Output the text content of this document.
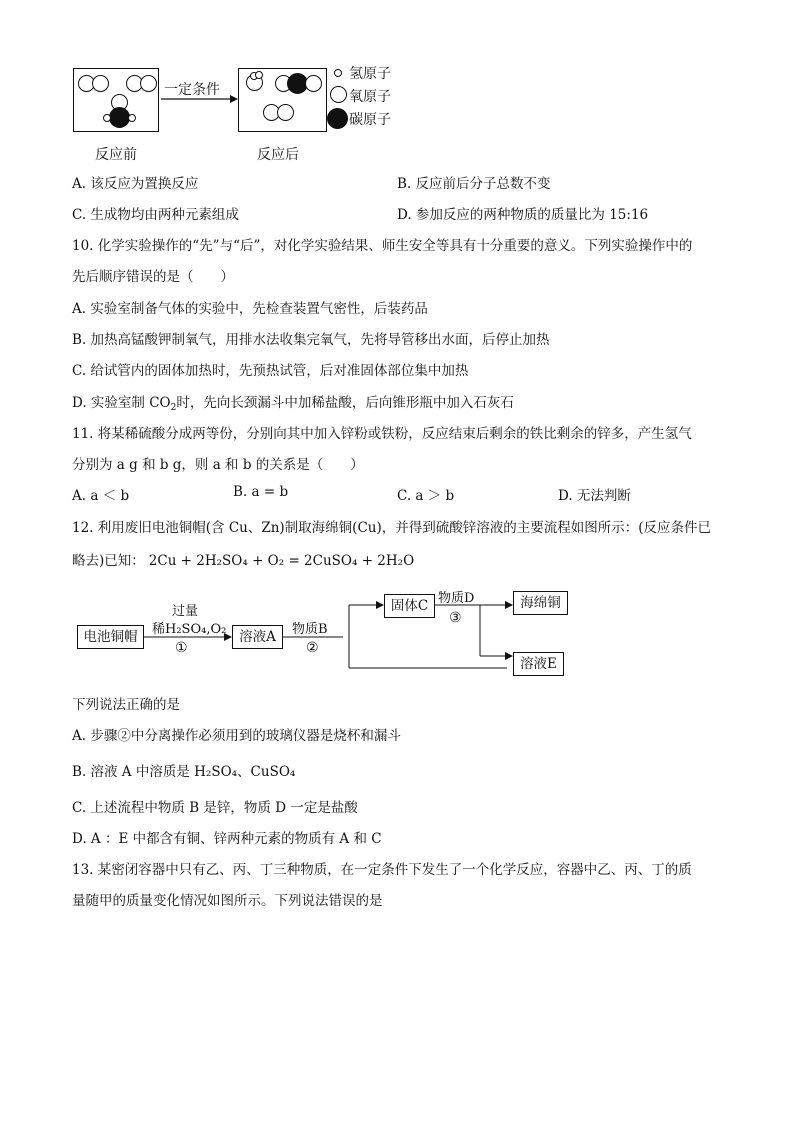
一定条件
氢原子
氧原子
碳原子
反应前	反应后
A. 该反应为置换反应	B. 反应前后分子总数不变
C. 生成物均由两种元素组成	D. 参加反应的两种物质的质量比为 15:16
10. 化学实验操作的“先”与“后”，对化学实验结果、师生安全等具有十分重要的意义。下列实验操作中的
先后顺序错误的是（　　）
A. 实验室制备气体的实验中，先检查装置气密性，后装药品
B. 加热高锰酸钾制氧气，用排水法收集完氧气，先将导管移出水面，后停止加热
C. 给试管内的固体加热时，先预热试管，后对准固体部位集中加热
D. 实验室制 $CO_2$时，先向长颈漏斗中加稀盐酸，后向锥形瓶中加入石灰石
11. 将某稀硫酸分成两等份，分别向其中加入锌粉或铁粉，反应结束后剩余的铁比剩余的锌多，产生氢气
分别为 a g 和 b g，则 a 和 b 的关系是（　　）
A. a ＜ b	B. a = b	C. a ＞ b	D. 无法判断
12. 利用废旧电池铜帽(含 Cu、Zn)制取海绵铜(Cu)，并得到硫酸锌溶液的主要流程如图所示：(反应条件已
略去)已知： 2Cu + 2H₂SO₄ + O₂ = 2CuSO₄ + 2H₂O
电池铜帽
过量
稀H₂SO₄,O₂
①
溶液A	物质B
②
固体C 物质D
③
海绵铜
溶液E
下列说法正确的是
A. 步骤②中分离操作必须用到的玻璃仪器是烧杯和漏斗
B. 溶液 A 中溶质是 H₂SO₄、CuSO₄
C. 上述流程中物质 B 是锌，物质 D 一定是盐酸
D. A ：E 中都含有铜、锌两种元素的物质有 A 和 C
13. 某密闭容器中只有乙、丙、丁三种物质，在一定条件下发生了一个化学反应，容器中乙、丙、丁的质
量随甲的质量变化情况如图所示。下列说法错误的是
